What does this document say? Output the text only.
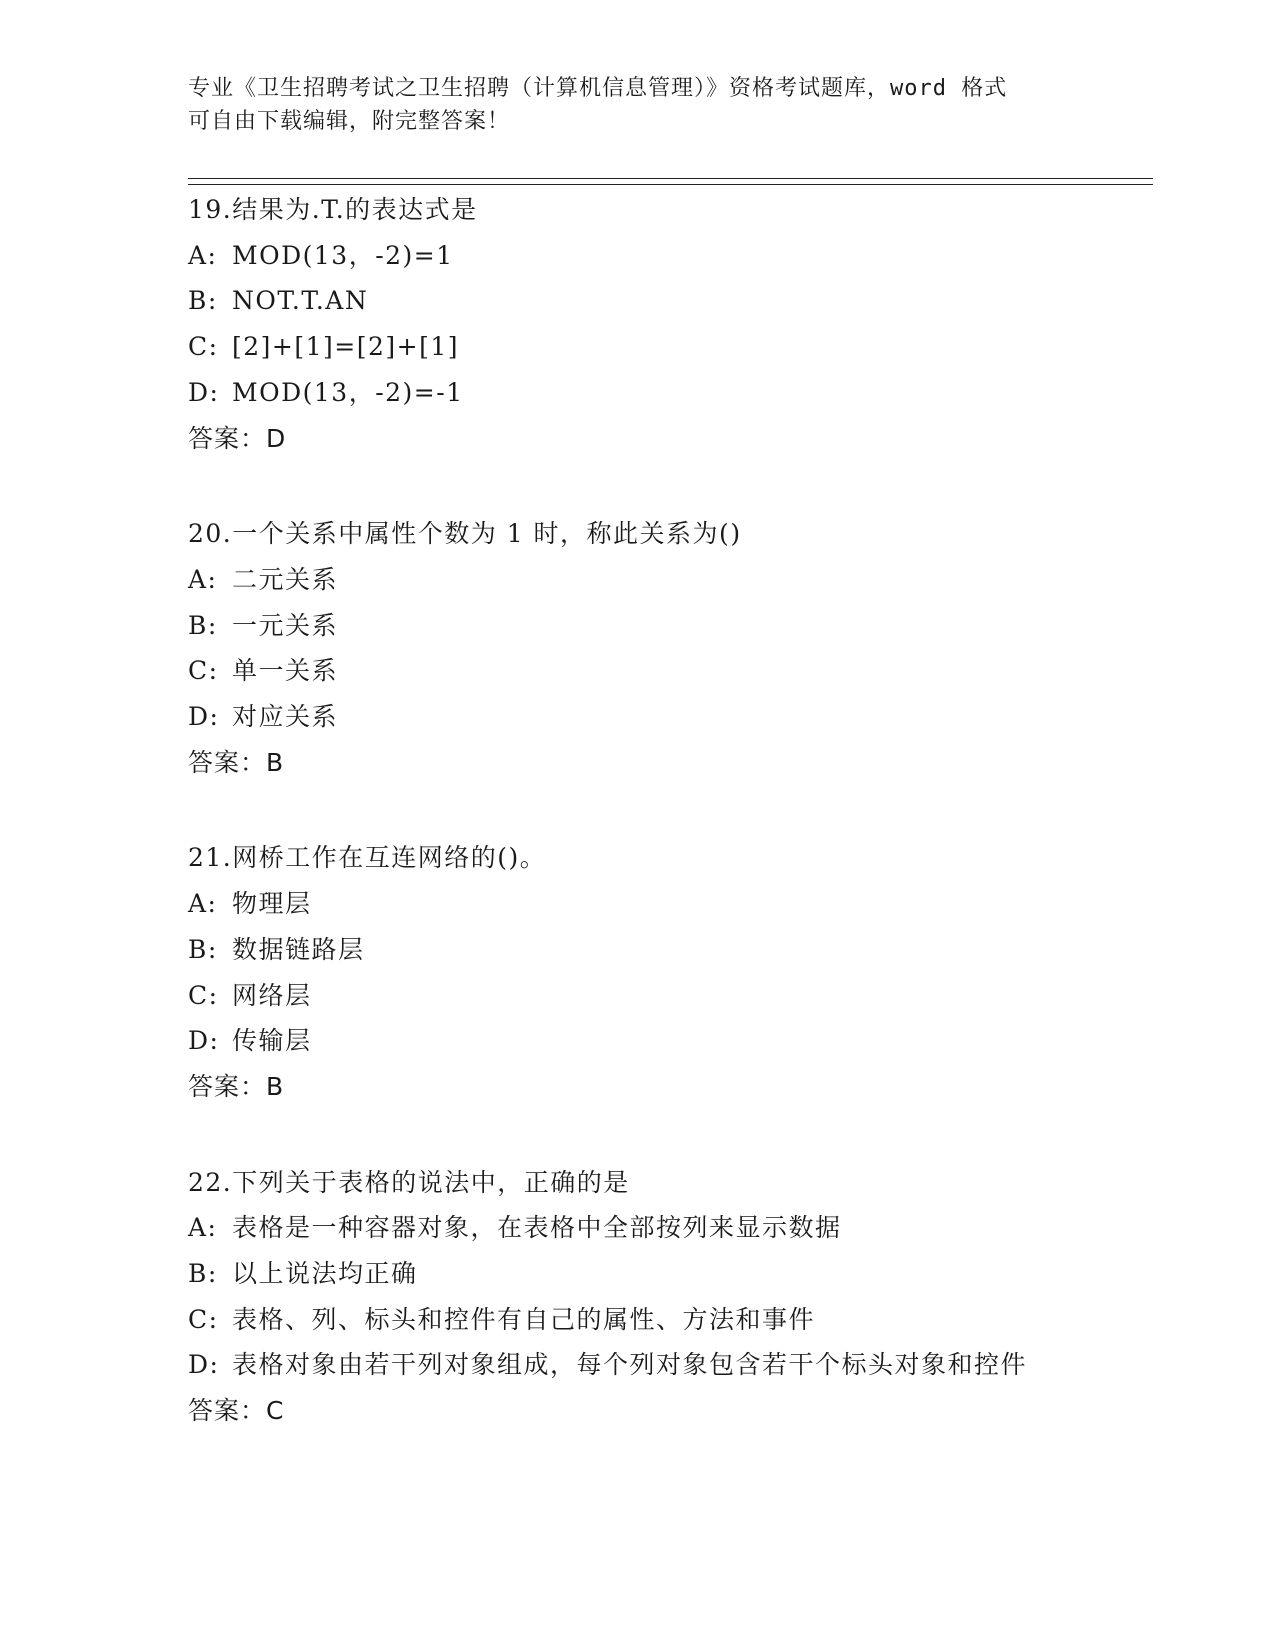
专业《卫生招聘考试之卫生招聘（计算机信息管理）》资格考试题库，word 格式
可自由下载编辑，附完整答案！
19.结果为.T.的表达式是
A: MOD(13，-2)=1
B: NOT.T.AN
C: [2]+[1]=[2]+[1]
D: MOD(13，-2)=-1
答案：D
20.一个关系中属性个数为 1 时，称此关系为()
A: 二元关系
B: 一元关系
C: 单一关系
D: 对应关系
答案：B
21.网桥工作在互连网络的()。
A: 物理层
B: 数据链路层
C: 网络层
D: 传输层
答案：B
22.下列关于表格的说法中，正确的是
A: 表格是一种容器对象，在表格中全部按列来显示数据
B: 以上说法均正确
C: 表格、列、标头和控件有自己的属性、方法和事件
D: 表格对象由若干列对象组成，每个列对象包含若干个标头对象和控件
答案：C
